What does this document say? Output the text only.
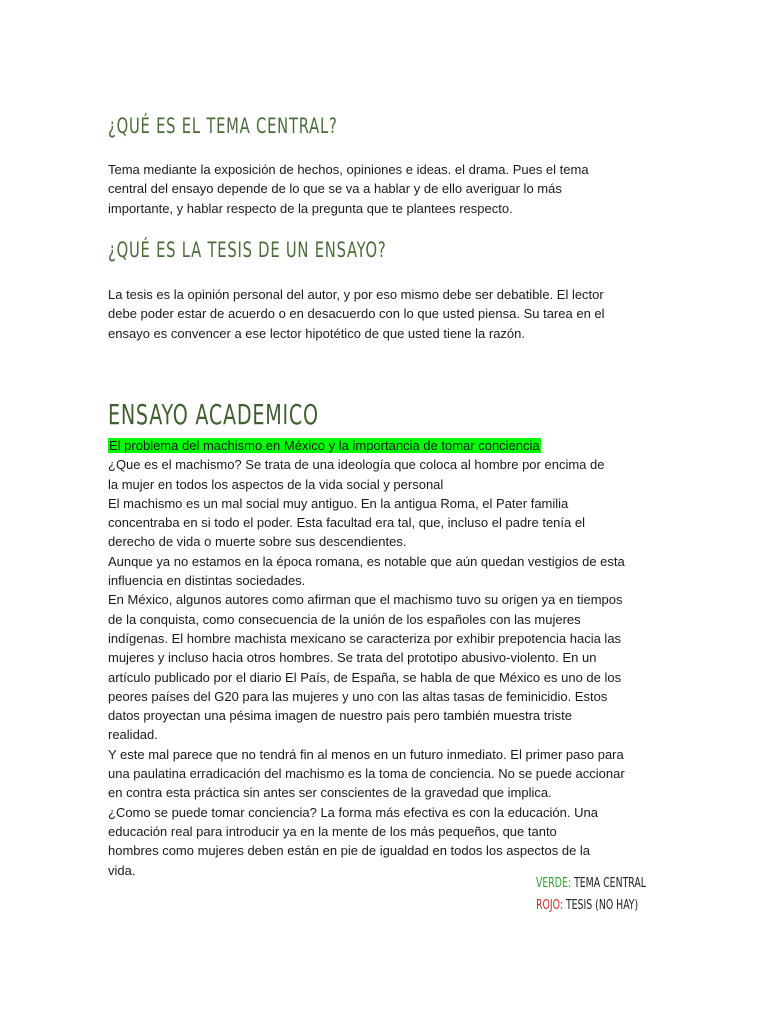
¿QUÉ ES EL TEMA CENTRAL?
Tema mediante la exposición de hechos, opiniones e ideas. el drama. Pues el tema
central del ensayo depende de lo que se va a hablar y de ello averiguar lo más
importante, y hablar respecto de la pregunta que te plantees respecto.
¿QUÉ ES LA TESIS DE UN ENSAYO?
La tesis es la opinión personal del autor, y por eso mismo debe ser debatible. El lector
debe poder estar de acuerdo o en desacuerdo con lo que usted piensa. Su tarea en el
ensayo es convencer a ese lector hipotético de que usted tiene la razón.
ENSAYO ACADEMICO
El problema del machismo en México y la importancia de tomar conciencia
¿Que es el machismo? Se trata de una ideología que coloca al hombre por encima de
la mujer en todos los aspectos de la vida social y personal
El machismo es un mal social muy antiguo. En la antigua Roma, el Pater familia
concentraba en si todo el poder. Esta facultad era tal, que, incluso el padre tenía el
derecho de vida o muerte sobre sus descendientes.
Aunque ya no estamos en la época romana, es notable que aún quedan vestigios de esta
influencia en distintas sociedades.
En México, algunos autores como afirman que el machismo tuvo su origen ya en tiempos
de la conquista, como consecuencia de la unión de los españoles con las mujeres
indígenas. El hombre machista mexicano se caracteriza por exhibir prepotencia hacia las
mujeres y incluso hacia otros hombres. Se trata del prototipo abusivo-violento. En un
artículo publicado por el diario El País, de España, se habla de que México es uno de los
peores países del G20 para las mujeres y uno con las altas tasas de feminicidio. Estos
datos proyectan una pésima imagen de nuestro pais pero también muestra triste
realidad.
Y este mal parece que no tendrá fin al menos en un futuro inmediato. El primer paso para
una paulatina erradicación del machismo es la toma de conciencia. No se puede accionar
en contra esta práctica sin antes ser conscientes de la gravedad que implica.
¿Como se puede tomar conciencia? La forma más efectiva es con la educación. Una
educación real para introducir ya en la mente de los más pequeños, que tanto
hombres como mujeres deben están en pie de igualdad en todos los aspectos de la
vida.
VERDE: TEMA CENTRAL
ROJO: TESIS (NO HAY)
